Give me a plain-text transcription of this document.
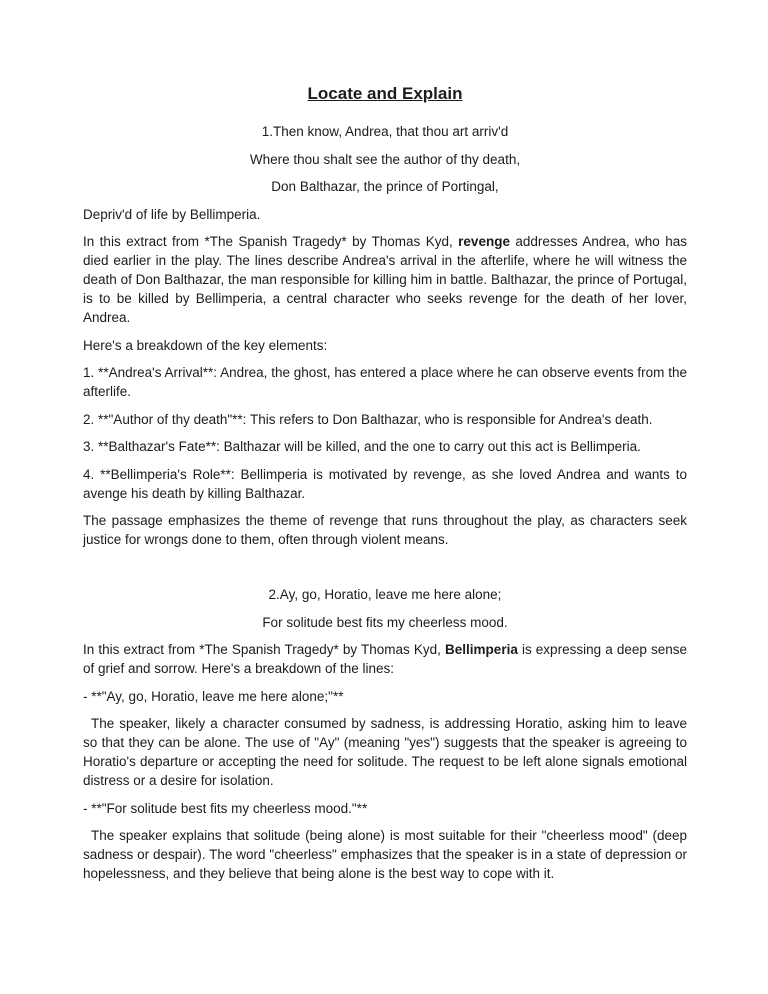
Locate and Explain

1.Then know, Andrea, that thou art arriv'd

Where thou shalt see the author of thy death,

Don Balthazar, the prince of Portingal,

Depriv'd of life by Bellimperia.

In this extract from *The Spanish Tragedy* by Thomas Kyd, revenge addresses Andrea, who has died earlier in the play. The lines describe Andrea's arrival in the afterlife, where he will witness the death of Don Balthazar, the man responsible for killing him in battle. Balthazar, the prince of Portugal, is to be killed by Bellimperia, a central character who seeks revenge for the death of her lover, Andrea.

Here's a breakdown of the key elements:

1. **Andrea's Arrival**: Andrea, the ghost, has entered a place where he can observe events from the afterlife.

2. **"Author of thy death"**: This refers to Don Balthazar, who is responsible for Andrea's death.

3. **Balthazar's Fate**: Balthazar will be killed, and the one to carry out this act is Bellimperia.

4. **Bellimperia's Role**: Bellimperia is motivated by revenge, as she loved Andrea and wants to avenge his death by killing Balthazar.

The passage emphasizes the theme of revenge that runs throughout the play, as characters seek justice for wrongs done to them, often through violent means.

2.Ay, go, Horatio, leave me here alone;

For solitude best fits my cheerless mood.

In this extract from *The Spanish Tragedy* by Thomas Kyd, Bellimperia is expressing a deep sense of grief and sorrow. Here's a breakdown of the lines:

- **"Ay, go, Horatio, leave me here alone;"**

The speaker, likely a character consumed by sadness, is addressing Horatio, asking him to leave so that they can be alone. The use of "Ay" (meaning "yes") suggests that the speaker is agreeing to Horatio's departure or accepting the need for solitude. The request to be left alone signals emotional distress or a desire for isolation.

- **"For solitude best fits my cheerless mood."**

The speaker explains that solitude (being alone) is most suitable for their "cheerless mood" (deep sadness or despair). The word "cheerless" emphasizes that the speaker is in a state of depression or hopelessness, and they believe that being alone is the best way to cope with it.
